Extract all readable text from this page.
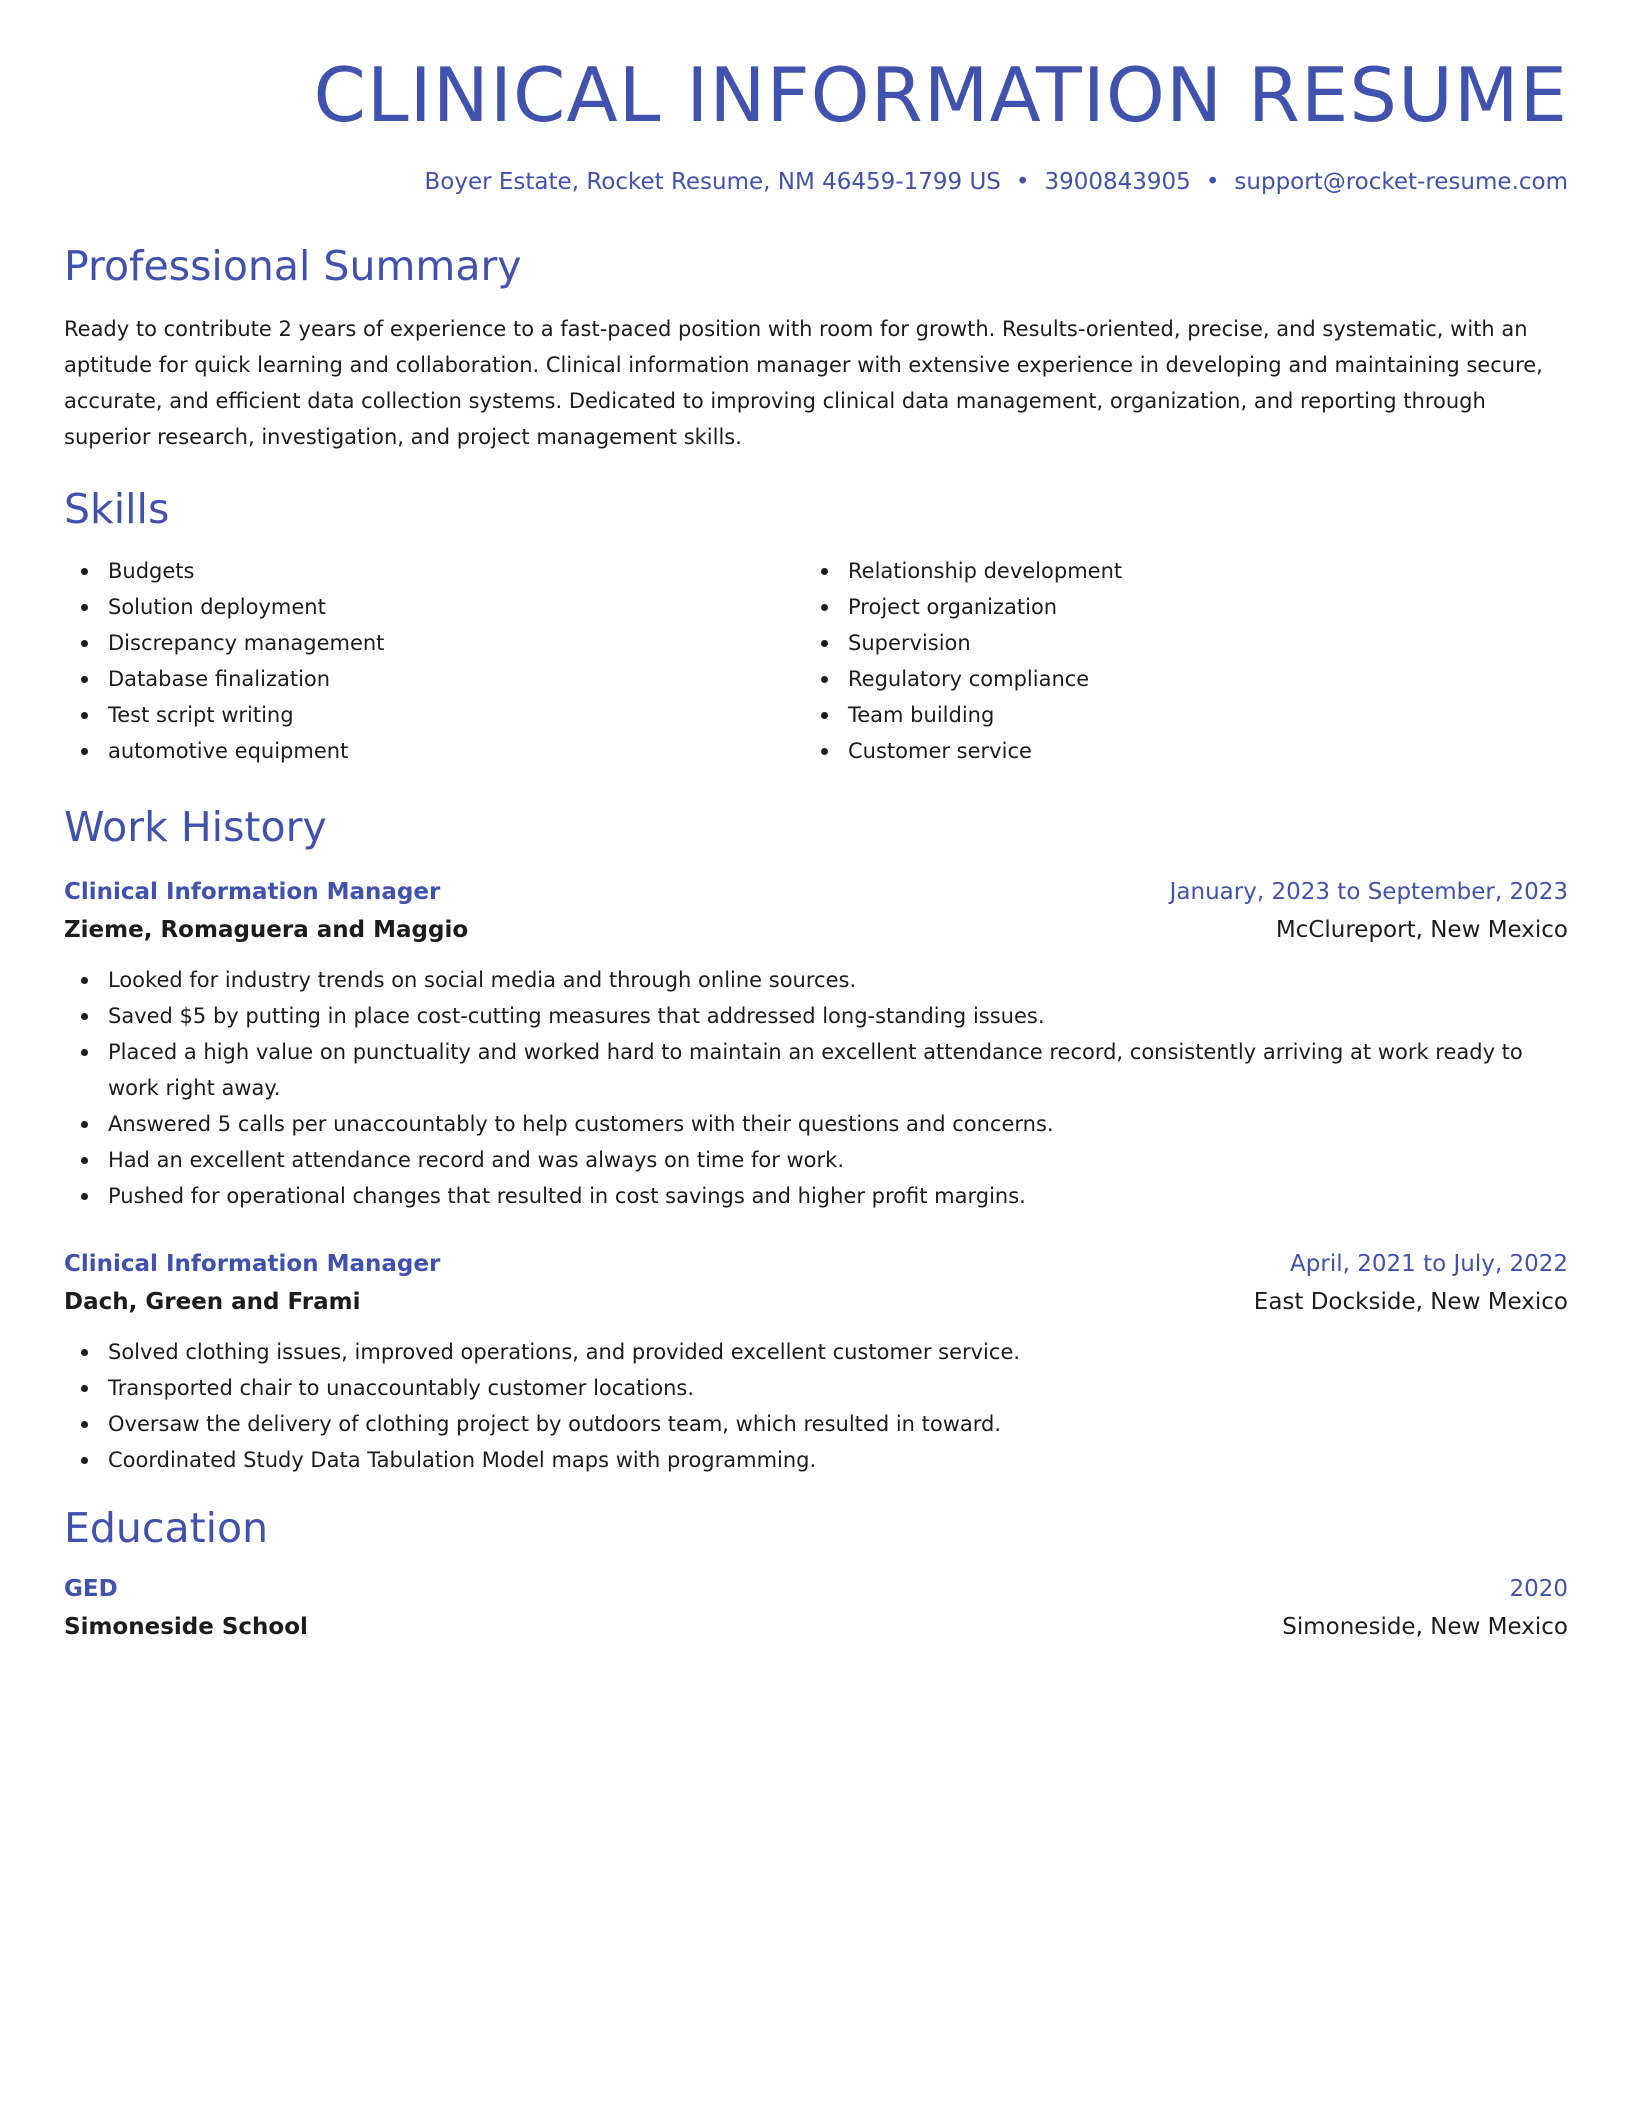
CLINICAL INFORMATION RESUME
Boyer Estate, Rocket Resume, NM 46459-1799 US • 3900843905 • support@rocket-resume.com
Professional Summary

Ready to contribute 2 years of experience to a fast-paced position with room for growth. Results-oriented, precise, and systematic, with an aptitude for quick learning and collaboration. Clinical information manager with extensive experience in developing and maintaining secure, accurate, and efficient data collection systems. Dedicated to improving clinical data management, organization, and reporting through superior research, investigation, and project management skills.

Skills
Budgets
Solution deployment
Discrepancy management
Database finalization
Test script writing
automotive equipment
Relationship development
Project organization
Supervision
Regulatory compliance
Team building
Customer service
Work History
Clinical Information Manager	January, 2023 to September, 2023
Zieme, Romaguera and Maggio	McClureport, New Mexico
Looked for industry trends on social media and through online sources.
Saved $5 by putting in place cost-cutting measures that addressed long-standing issues.
Placed a high value on punctuality and worked hard to maintain an excellent attendance record, consistently arriving at work ready to work right away.
Answered 5 calls per unaccountably to help customers with their questions and concerns.
Had an excellent attendance record and was always on time for work.
Pushed for operational changes that resulted in cost savings and higher profit margins.
Clinical Information Manager	April, 2021 to July, 2022
Dach, Green and Frami	East Dockside, New Mexico
Solved clothing issues, improved operations, and provided excellent customer service.
Transported chair to unaccountably customer locations.
Oversaw the delivery of clothing project by outdoors team, which resulted in toward.
Coordinated Study Data Tabulation Model maps with programming.
Education
GED	2020
Simoneside School	Simoneside, New Mexico
